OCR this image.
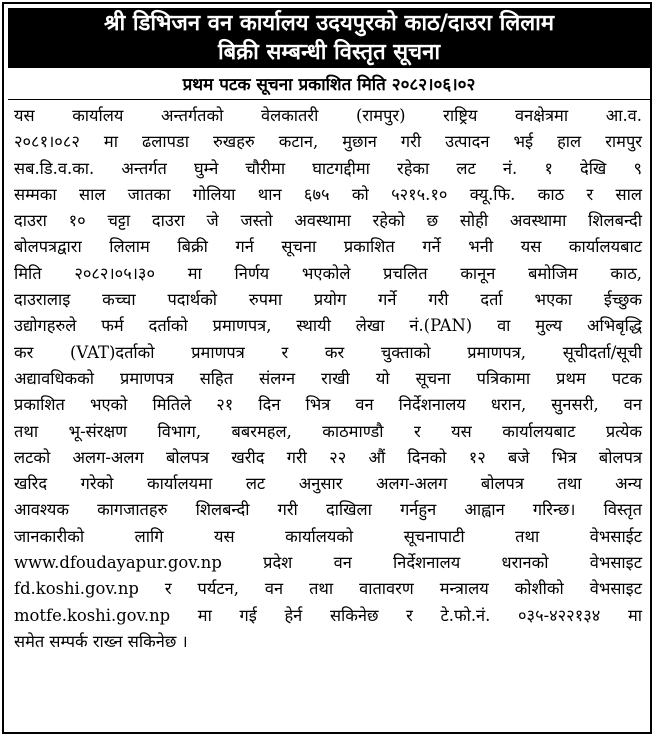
श्री डिभिजन वन कार्यालय उदयपुरको काठ/दाउरा लिलाम
बिक्री सम्बन्धी विस्तृत सूचना
प्रथम पटक सूचना प्रकाशित मिति २०८२।०६।०२
यस कार्यालय अन्तर्गतको वेलकातरी (रामपुर) राष्ट्रिय वनक्षेत्रमा आ.व.
२०८१।०८२ मा ढलापडा रुखहरु कटान, मुछान गरी उत्पादन भई हाल रामपुर
सब.डि.व.का. अन्तर्गत घुम्ने चौरीमा घाटगद्दीमा रहेका लट नं. १ देखि ९
सम्मका साल जातका गोलिया थान ६७५ को ५२१५.१० क्यू.फि. काठ र साल
दाउरा १० चट्टा दाउरा जे जस्तो अवस्थामा रहेको छ सोही अवस्थामा शिलबन्दी
बोलपत्रद्वारा लिलाम बिक्री गर्न सूचना प्रकाशित गर्ने भनी यस कार्यालयबाट
मिति २०८२।०५।३० मा निर्णय भएकोले प्रचलित कानून बमोजिम काठ,
दाउरालाइ कच्चा पदार्थको रुपमा प्रयोग गर्ने गरी दर्ता भएका ईच्छुक
उद्योगहरुले फर्म दर्ताको प्रमाणपत्र, स्थायी लेखा नं.(PAN) वा मुल्य अभिबृद्धि
कर (VAT)दर्ताको प्रमाणपत्र र कर चुक्ताको प्रमाणपत्र, सूचीदर्ता/सूची
अद्यावधिकको प्रमाणपत्र सहित संलग्न राखी यो सूचना पत्रिकामा प्रथम पटक
प्रकाशित भएको मितिले २१ दिन भित्र वन निर्देशनालय धरान, सुनसरी, वन
तथा भू-संरक्षण विभाग, बबरमहल, काठमाण्डौ र यस कार्यालयबाट प्रत्येक
लटको अलग-अलग बोलपत्र खरीद गरी २२ औं दिनको १२ बजे भित्र बोलपत्र
खरिद गरेको कार्यालयमा लट अनुसार अलग-अलग बोलपत्र तथा अन्य
आवश्यक कागजातहरु शिलबन्दी गरी दाखिला गर्नहुन आह्वान गरिन्छ। विस्तृत
जानकारीको लागि यस कार्यालयको सूचनापाटी तथा वेभसाईट
www.dfoudayapur.gov.np प्रदेश वन निर्देशनालय धरानको वेभसाइट
fd.koshi.gov.np र पर्यटन, वन तथा वातावरण मन्त्रालय कोशीको वेभसाइट
motfe.koshi.gov.np मा गई हेर्न सकिनेछ र टे.फो.नं. ०३५-४२२१३४ मा
समेत सम्पर्क राख्न सकिनेछ ।
